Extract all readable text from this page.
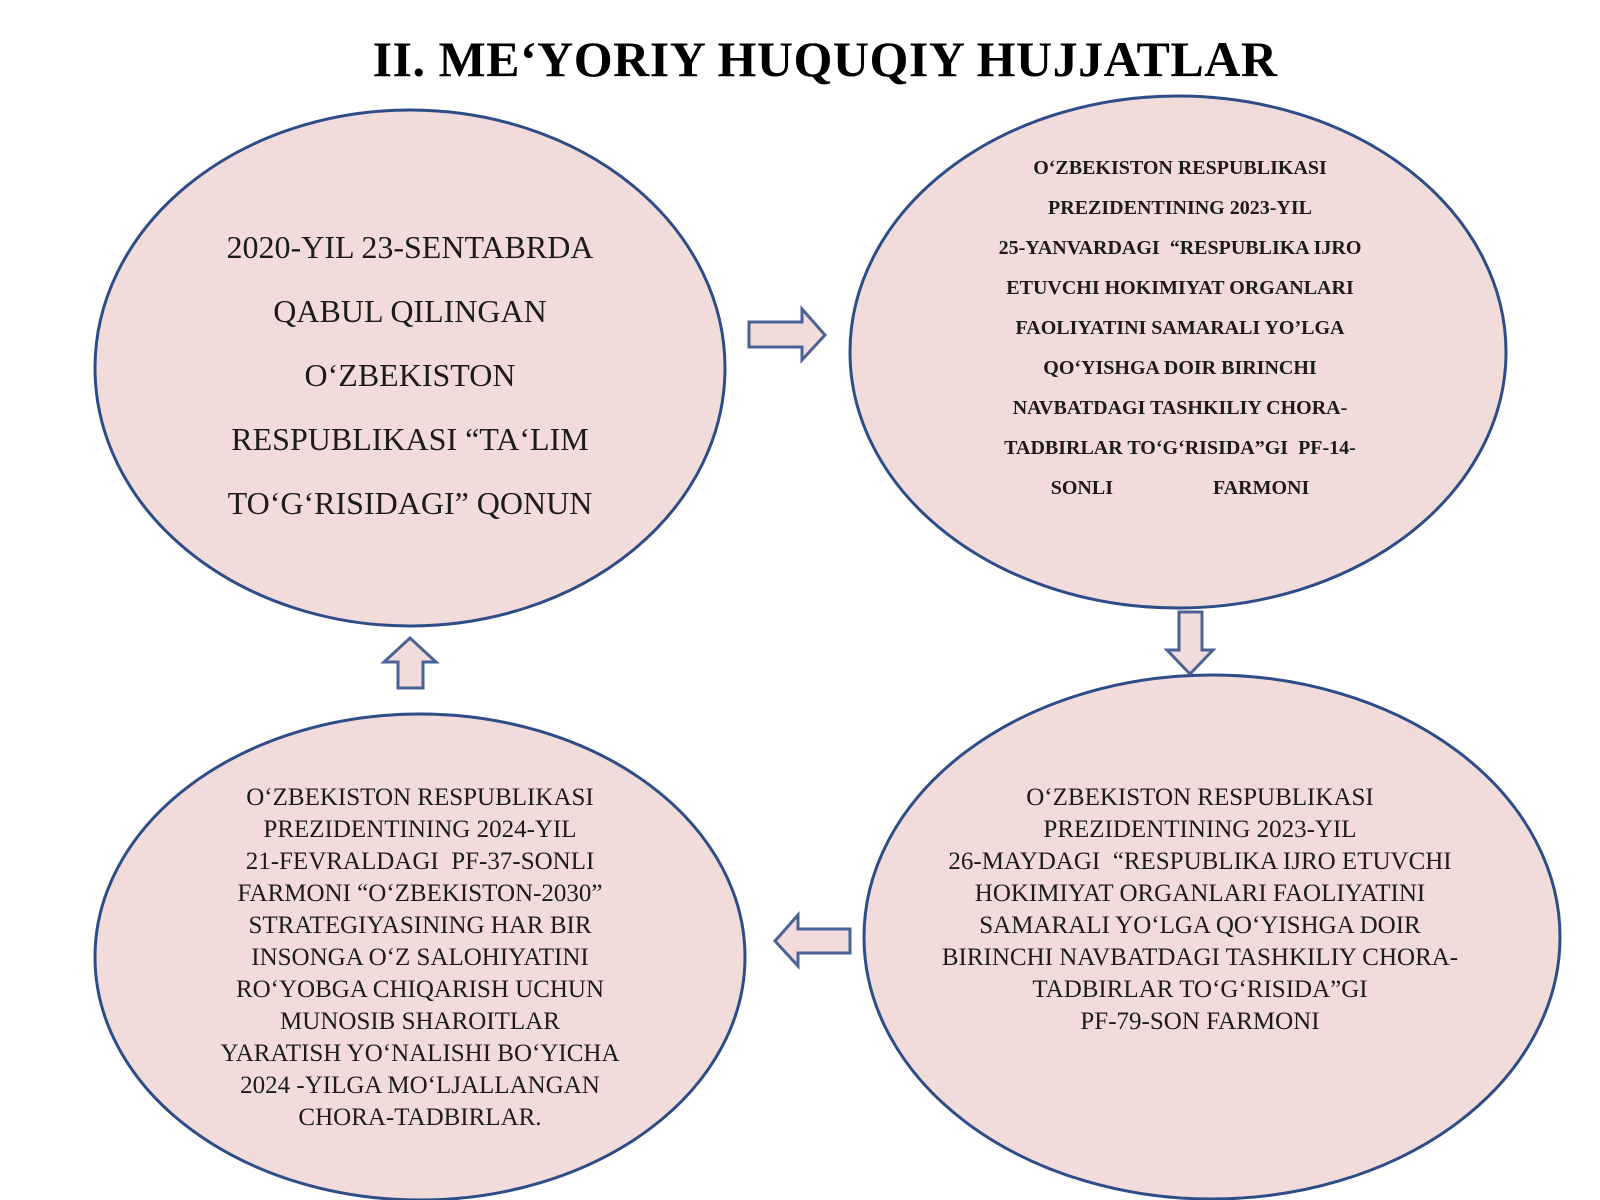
II. ME‘YORIY HUQUQIY HUJJATLAR
2020-YIL 23-SENTABRDA
QABUL QILINGAN
O‘ZBEKISTON
RESPUBLIKASI “TA‘LIM
TO‘G‘RISIDAGI” QONUN
O‘ZBEKISTON RESPUBLIKASI
PREZIDENTINING 2023-YIL
25-YANVARDAGI  “RESPUBLIKA IJRO
ETUVCHI HOKIMIYAT ORGANLARI
FAOLIYATINI SAMARALI YO’LGA
QO‘YISHGA DOIR BIRINCHI
NAVBATDAGI TASHKILIY CHORA-
TADBIRLAR TO‘G‘RISIDA”GI  PF-14-
SONLI                    FARMONI
O‘ZBEKISTON RESPUBLIKASI
PREZIDENTINING 2023-YIL
26-MAYDAGI  “RESPUBLIKA IJRO ETUVCHI
HOKIMIYAT ORGANLARI FAOLIYATINI
SAMARALI YO‘LGA QO‘YISHGA DOIR
BIRINCHI NAVBATDAGI TASHKILIY CHORA-
TADBIRLAR TO‘G‘RISIDA”GI
PF-79-SON FARMONI
O‘ZBEKISTON RESPUBLIKASI
PREZIDENTINING 2024-YIL
21-FEVRALDAGI  PF-37-SONLI
FARMONI “O‘ZBEKISTON-2030”
STRATEGIYASINING HAR BIR
INSONGA O‘Z SALOHIYATINI
RO‘YOBGA CHIQARISH UCHUN
MUNOSIB SHAROITLAR
YARATISH YO‘NALISHI BO‘YICHA
2024 -YILGA MO‘LJALLANGAN
CHORA-TADBIRLAR.
